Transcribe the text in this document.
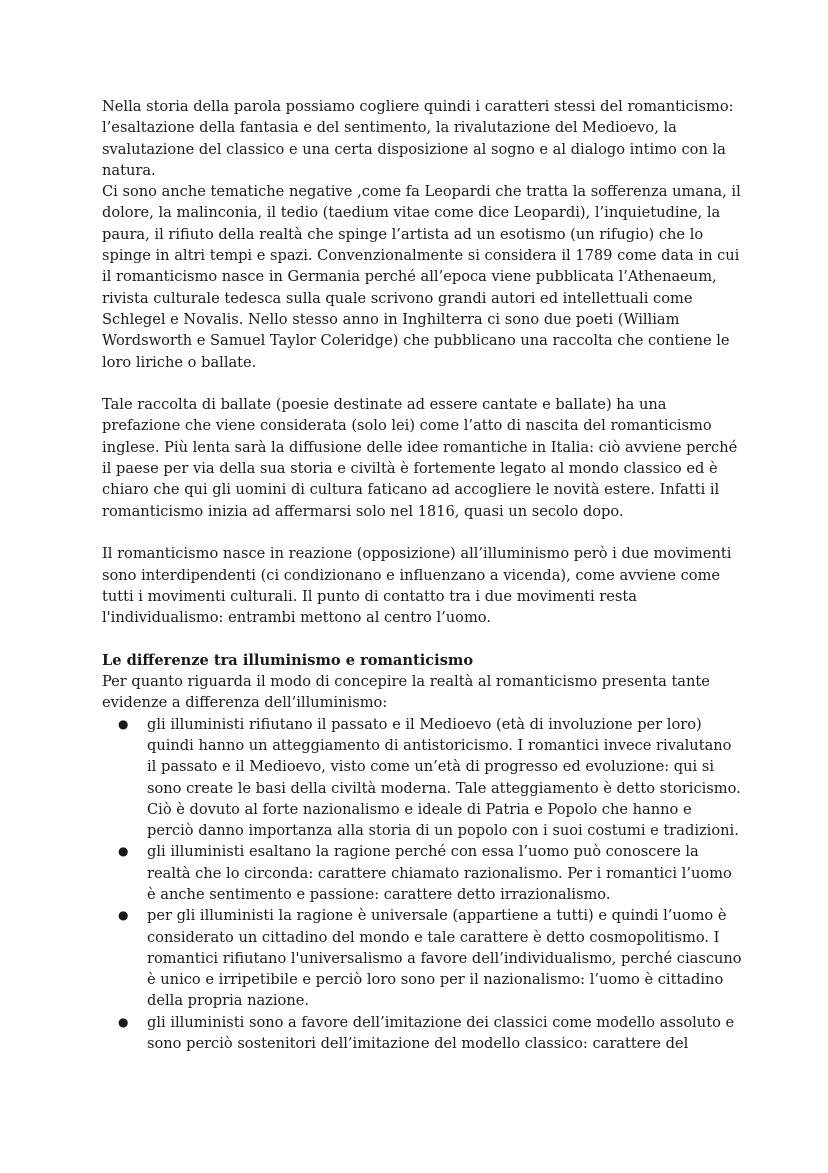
Nella storia della parola possiamo cogliere quindi i caratteri stessi del romanticismo: l’esaltazione della fantasia e del sentimento, la rivalutazione del Medioevo, la svalutazione del classico e una certa disposizione al sogno e al dialogo intimo con la natura.

Ci sono anche tematiche negative ,come fa Leopardi che tratta la sofferenza umana, il dolore, la malinconia, il tedio (taedium vitae come dice Leopardi), l’inquietudine, la paura, il rifiuto della realtà che spinge l’artista ad un esotismo (un rifugio) che lo spinge in altri tempi e spazi. Convenzionalmente si considera il 1789 come data in cui il romanticismo nasce in Germania perché all’epoca viene pubblicata l’Athenaeum, rivista culturale tedesca sulla quale scrivono grandi autori ed intellettuali come Schlegel e Novalis. Nello stesso anno in Inghilterra ci sono due poeti (William Wordsworth e Samuel Taylor Coleridge) che pubblicano una raccolta che contiene le loro liriche o ballate.

Tale raccolta di ballate (poesie destinate ad essere cantate e ballate) ha una prefazione che viene considerata (solo lei) come l’atto di nascita del romanticismo inglese. Più lenta sarà la diffusione delle idee romantiche in Italia: ciò avviene perché il paese per via della sua storia e civiltà è fortemente legato al mondo classico ed è chiaro che qui gli uomini di cultura faticano ad accogliere le novità estere. Infatti il romanticismo inizia ad affermarsi solo nel 1816, quasi un secolo dopo.

Il romanticismo nasce in reazione (opposizione) all’illuminismo però i due movimenti sono interdipendenti (ci condizionano e influenzano a vicenda), come avviene come tutti i movimenti culturali. Il punto di contatto tra i due movimenti resta l'individualismo: entrambi mettono al centro l’uomo.

Le differenze tra illuminismo e romanticismo

Per quanto riguarda il modo di concepire la realtà al romanticismo presenta tante evidenze a differenza dell’illuminismo:

● gli illuministi rifiutano il passato e il Medioevo (età di involuzione per loro) quindi hanno un atteggiamento di antistoricismo. I romantici invece rivalutano il passato e il Medioevo, visto come un’età di progresso ed evoluzione: qui si sono create le basi della civiltà moderna. Tale atteggiamento è detto storicismo. Ciò è dovuto al forte nazionalismo e ideale di Patria e Popolo che hanno e perciò danno importanza alla storia di un popolo con i suoi costumi e tradizioni.
● gli illuministi esaltano la ragione perché con essa l’uomo può conoscere la realtà che lo circonda: carattere chiamato razionalismo. Per i romantici l’uomo è anche sentimento e passione: carattere detto irrazionalismo.
● per gli illuministi la ragione è universale (appartiene a tutti) e quindi l’uomo è considerato un cittadino del mondo e tale carattere è detto cosmopolitismo. I romantici rifiutano l'universalismo a favore dell’individualismo, perché ciascuno è unico e irripetibile e perciò loro sono per il nazionalismo: l’uomo è cittadino della propria nazione.
● gli illuministi sono a favore dell’imitazione dei classici come modello assoluto e sono perciò sostenitori dell’imitazione del modello classico: carattere del
